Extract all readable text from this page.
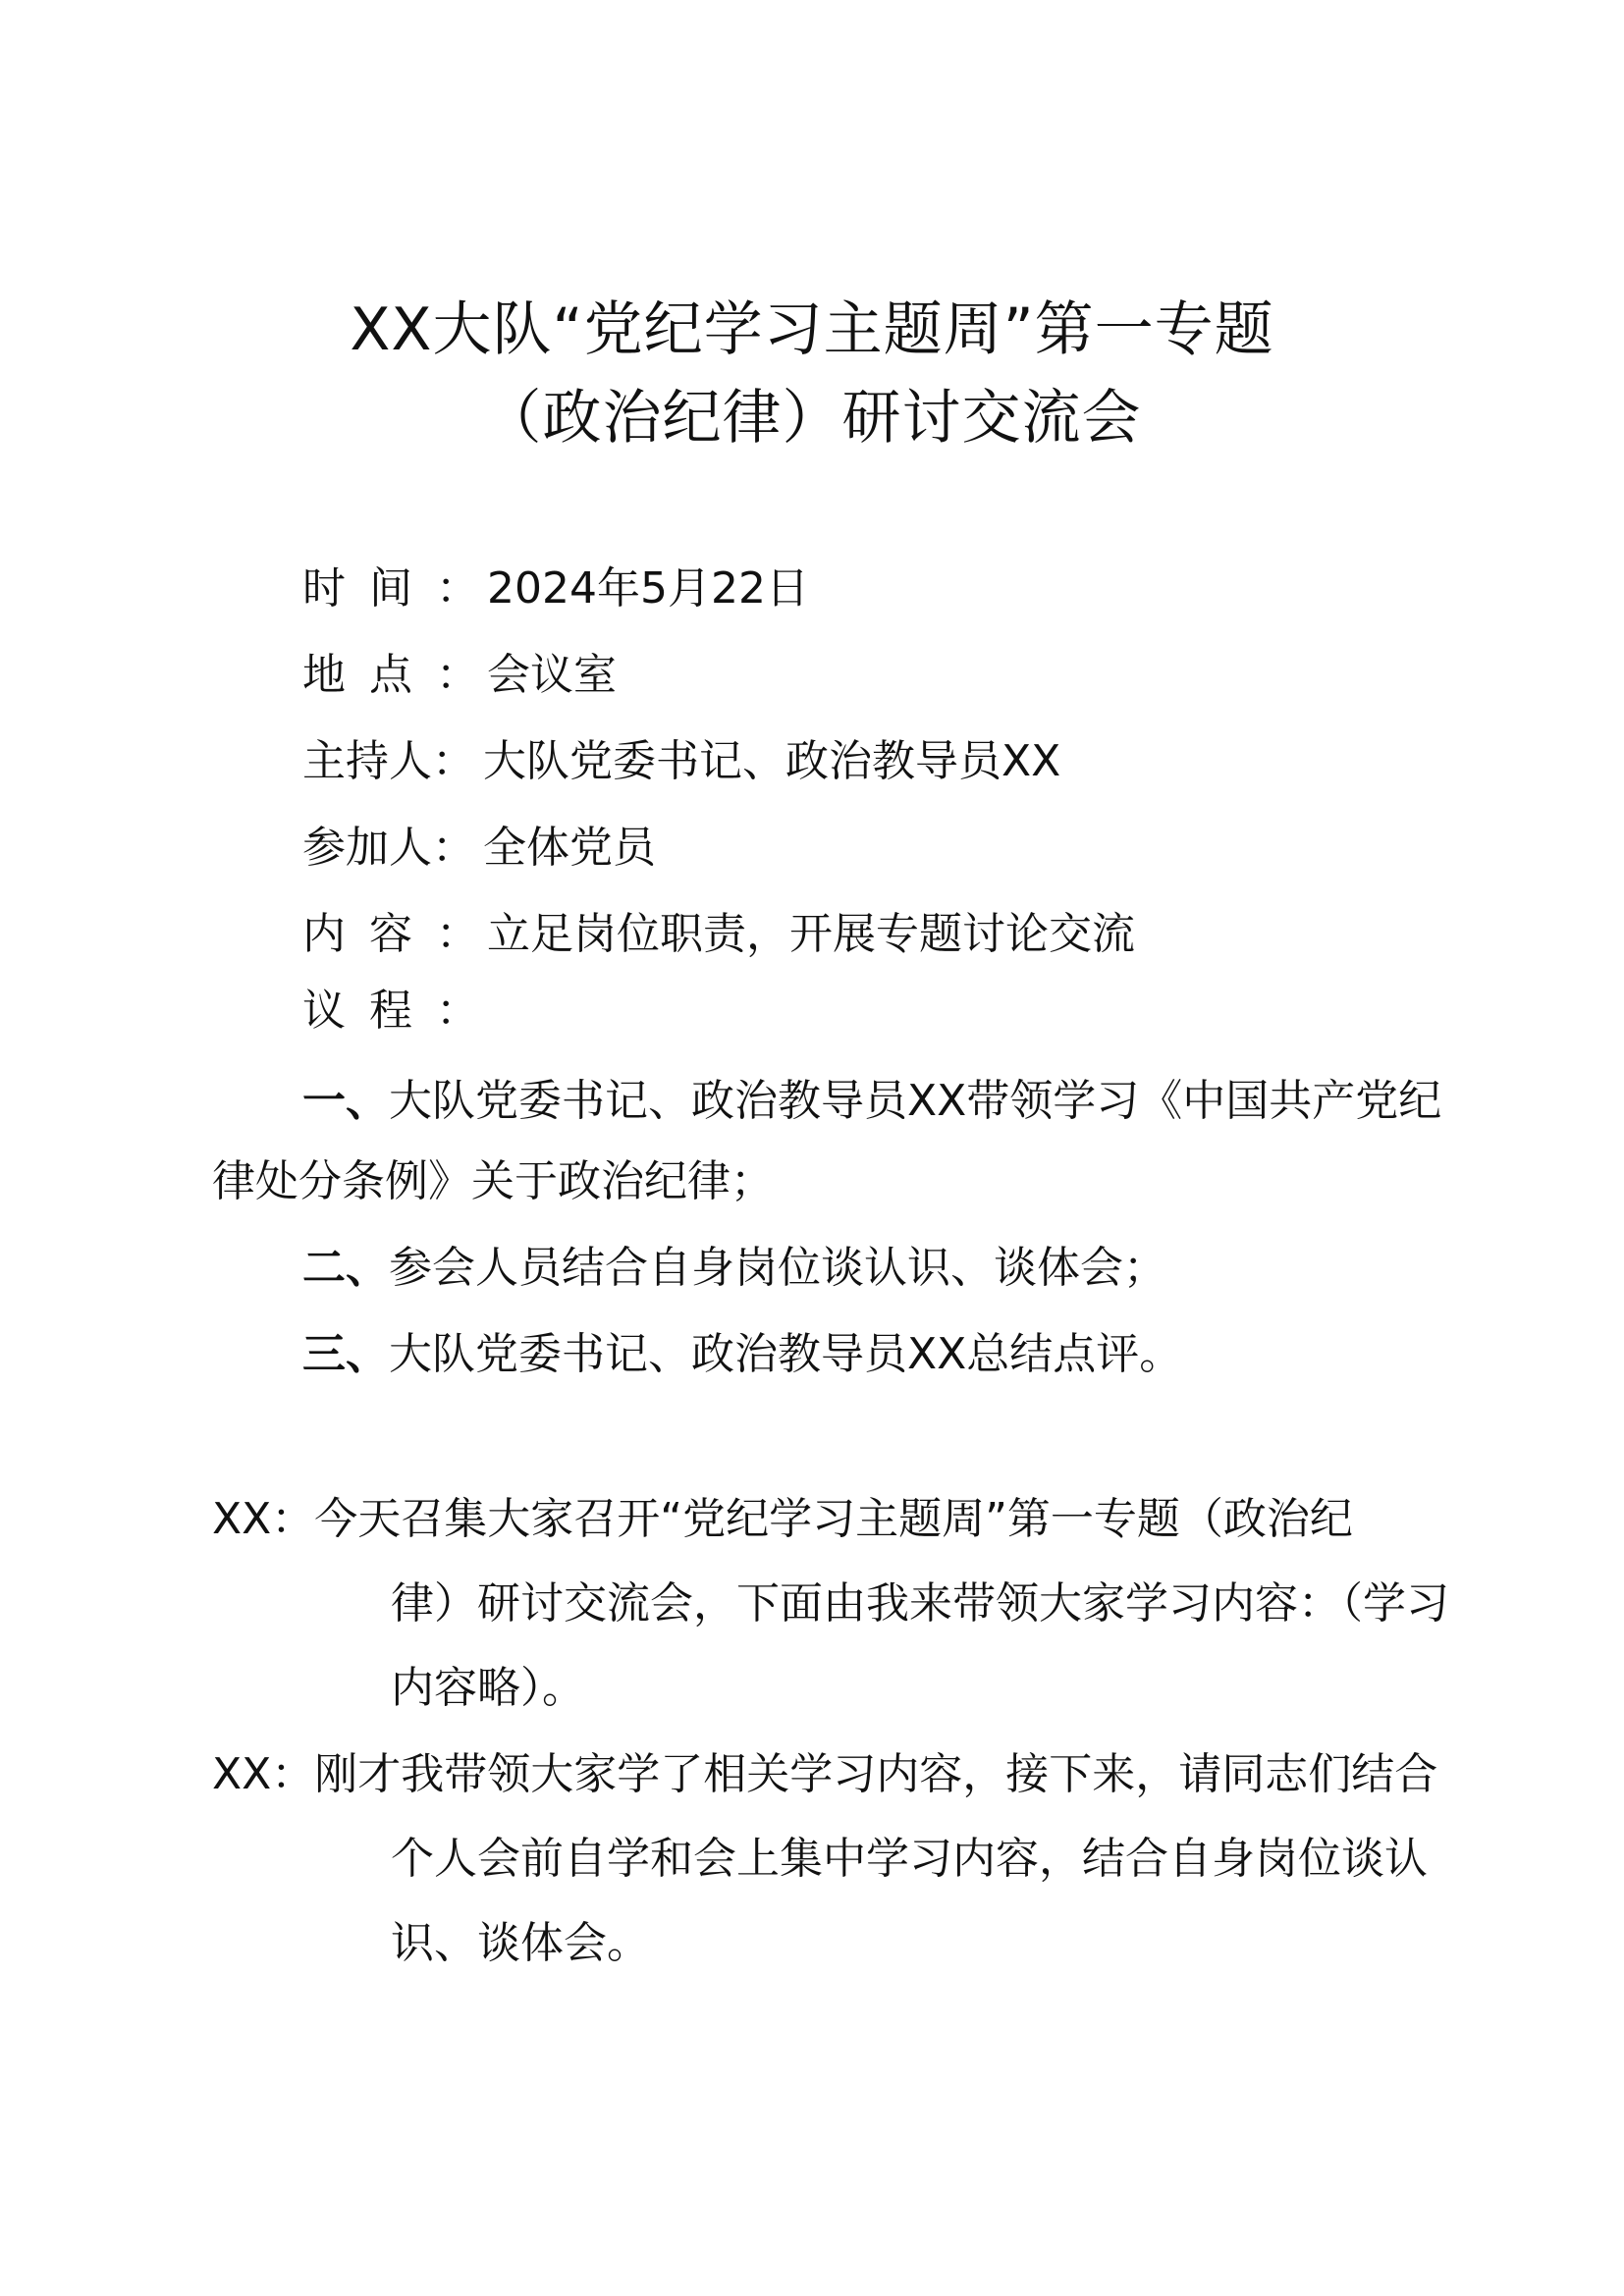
XX大队“党纪学习主题周”第一专题
（政治纪律）研讨交流会
时间： 2024年5月22日
地点： 会议室
主持人： 大队党委书记、政治教导员XX
参加人： 全体党员
内容： 立足岗位职责，开展专题讨论交流
议程：
一、大队党委书记、政治教导员XX带领学习《中国共产党纪
律处分条例》关于政治纪律；
二、参会人员结合自身岗位谈认识、谈体会；
三、大队党委书记、政治教导员XX总结点评。
XX：今天召集大家召开“党纪学习主题周”第一专题（政治纪
律）研讨交流会，下面由我来带领大家学习内容：（学习
内容略）。
XX：刚才我带领大家学了相关学习内容，接下来，请同志们结合
个人会前自学和会上集中学习内容，结合自身岗位谈认
识、谈体会。
